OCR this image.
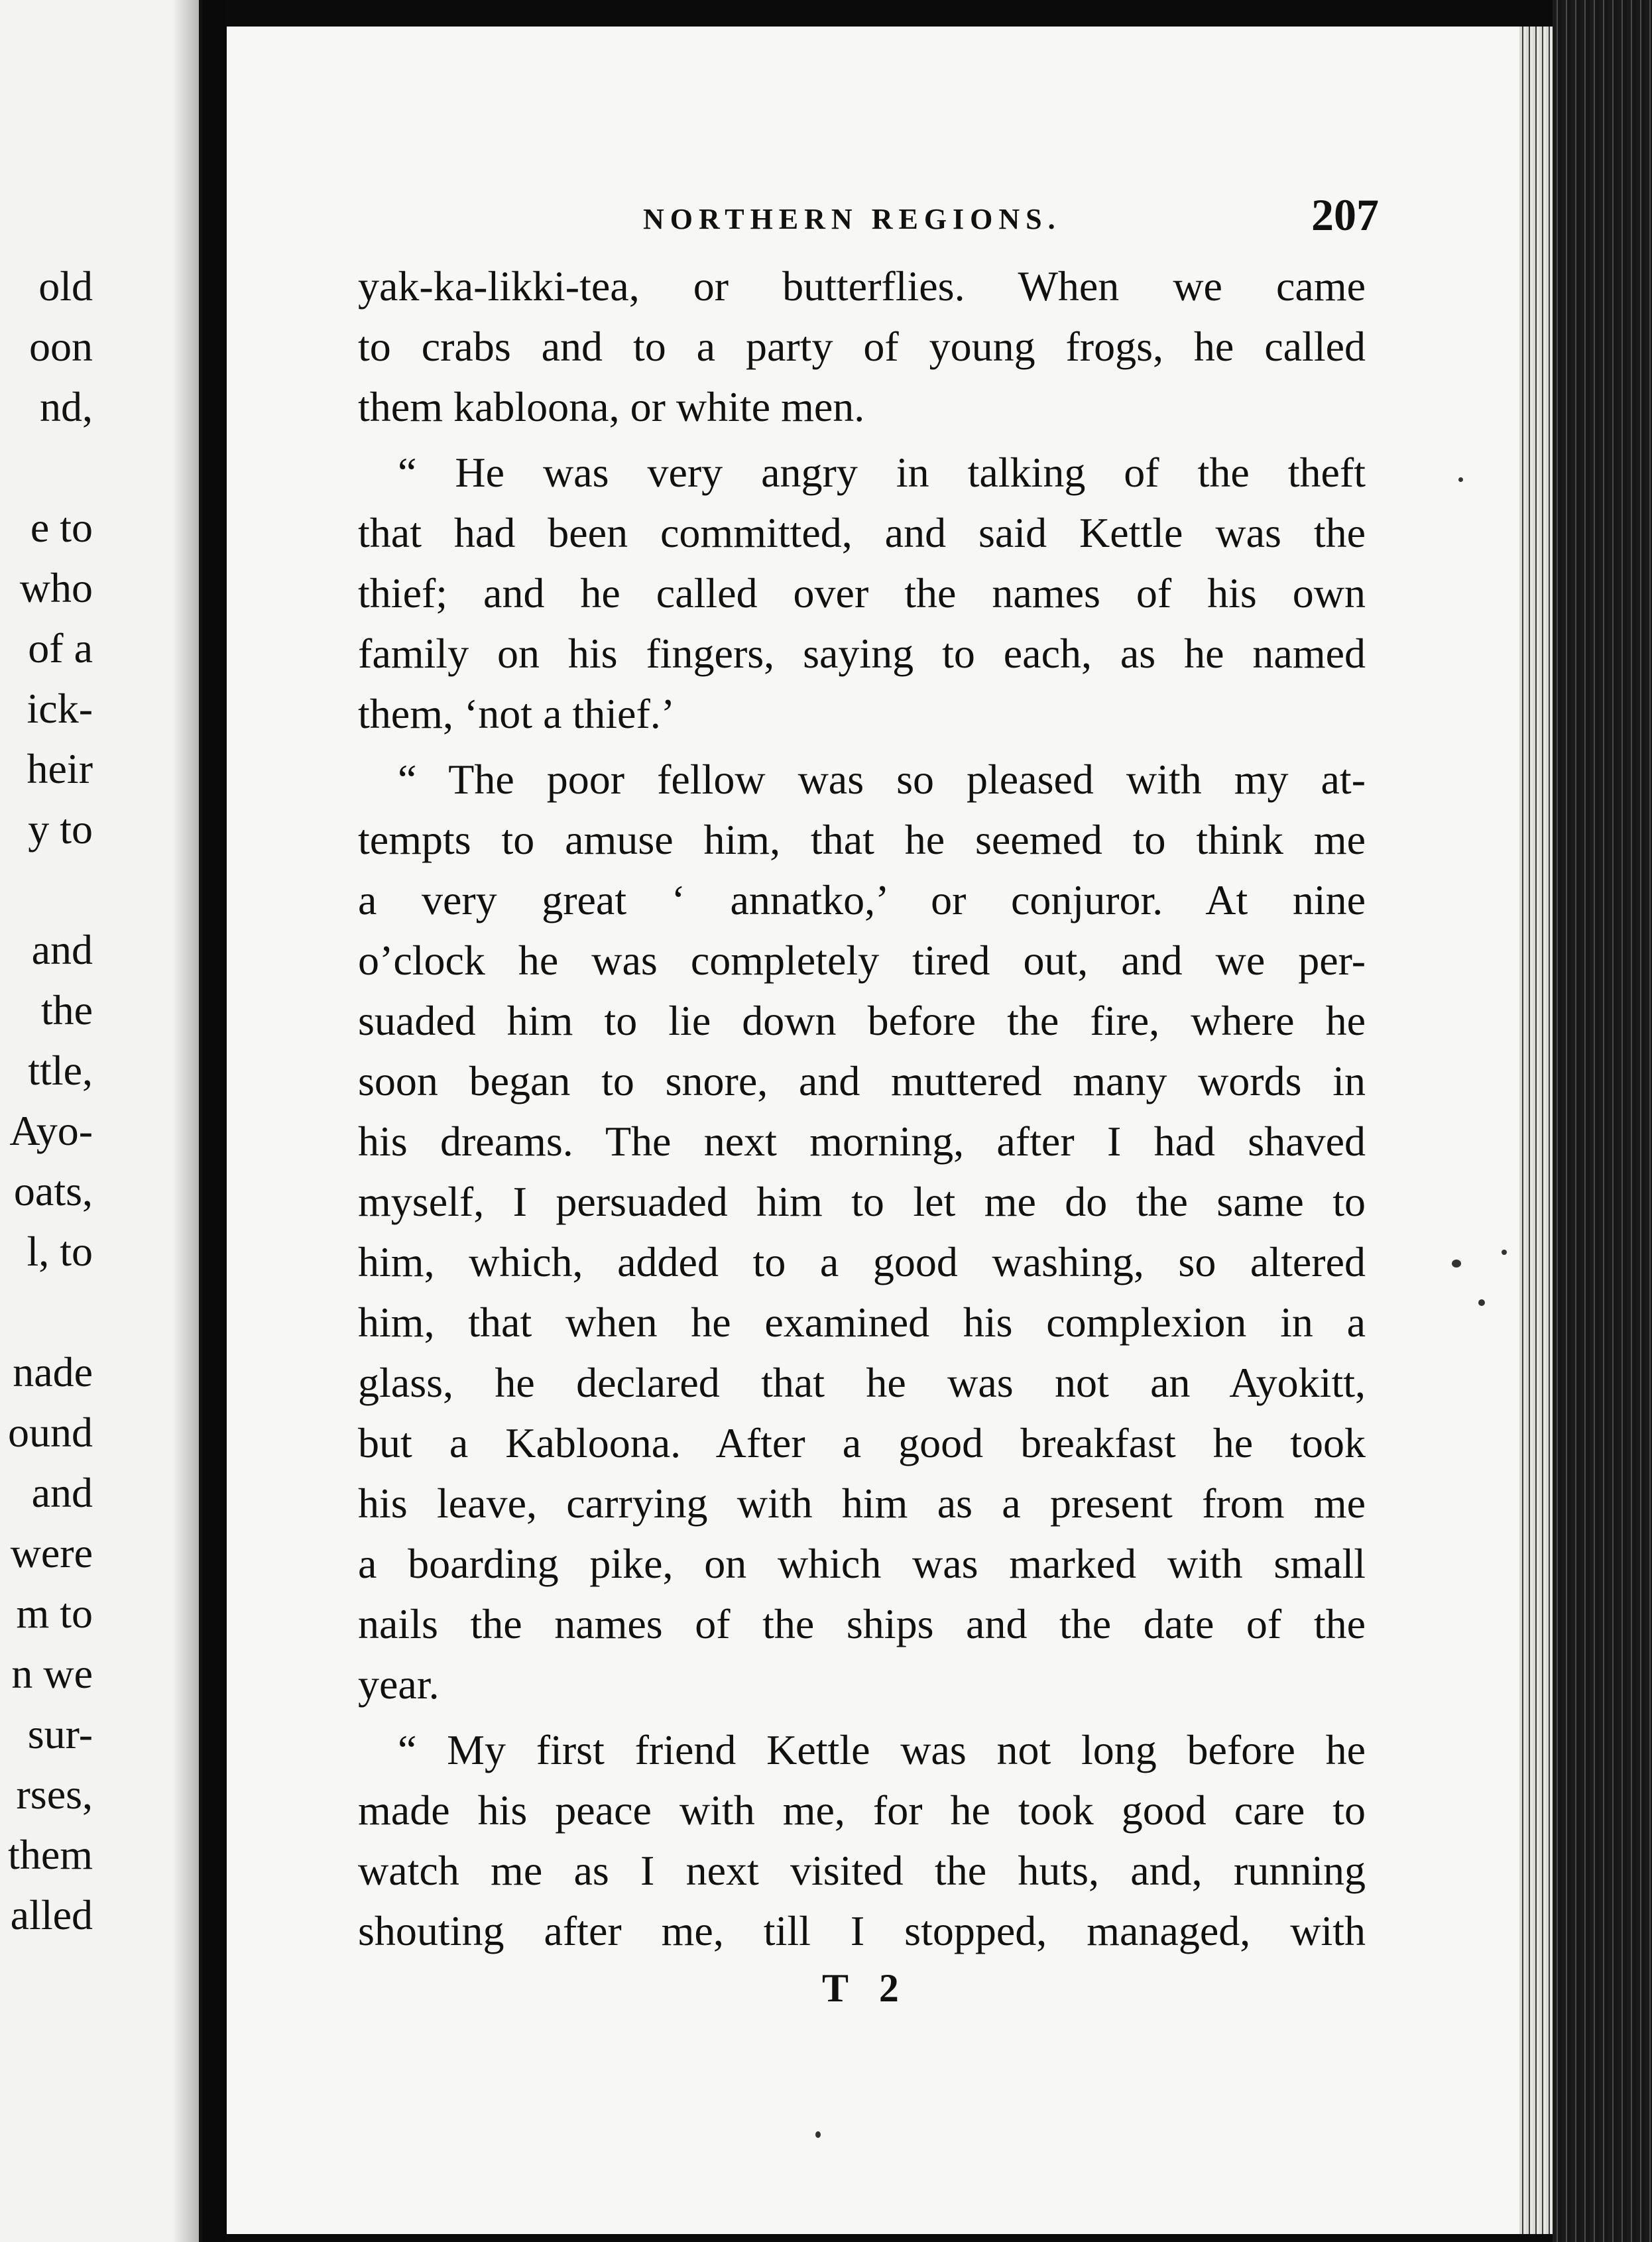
old
oon
nd,
e to
who
of a
ick-
heir
y to
and
the
ttle,
Ayo-
oats,
l, to
nade
ound
and
were
m to
n we
sur-
rses,
them
alled
NORTHERN REGIONS.	207
yak-ka-likki-tea, or butterflies. When we came
to crabs and to a party of young frogs, he called
them kabloona, or white men.
“ He was very angry in talking of the theft
that had been committed, and said Kettle was the
thief; and he called over the names of his own
family on his fingers, saying to each, as he named
them, ‘not a thief.’
“ The poor fellow was so pleased with my at-
tempts to amuse him, that he seemed to think me
a very great ‘ annatko,’ or conjuror. At nine
o’clock he was completely tired out, and we per-
suaded him to lie down before the fire, where he
soon began to snore, and muttered many words in
his dreams. The next morning, after I had shaved
myself, I persuaded him to let me do the same to
him, which, added to a good washing, so altered
him, that when he examined his complexion in a
glass, he declared that he was not an Ayokitt,
but a Kabloona. After a good breakfast he took
his leave, carrying with him as a present from me
a boarding pike, on which was marked with small
nails the names of the ships and the date of the
year.
“ My first friend Kettle was not long before he
made his peace with me, for he took good care to
watch me as I next visited the huts, and, running
shouting after me, till I stopped, managed, with
T 2
